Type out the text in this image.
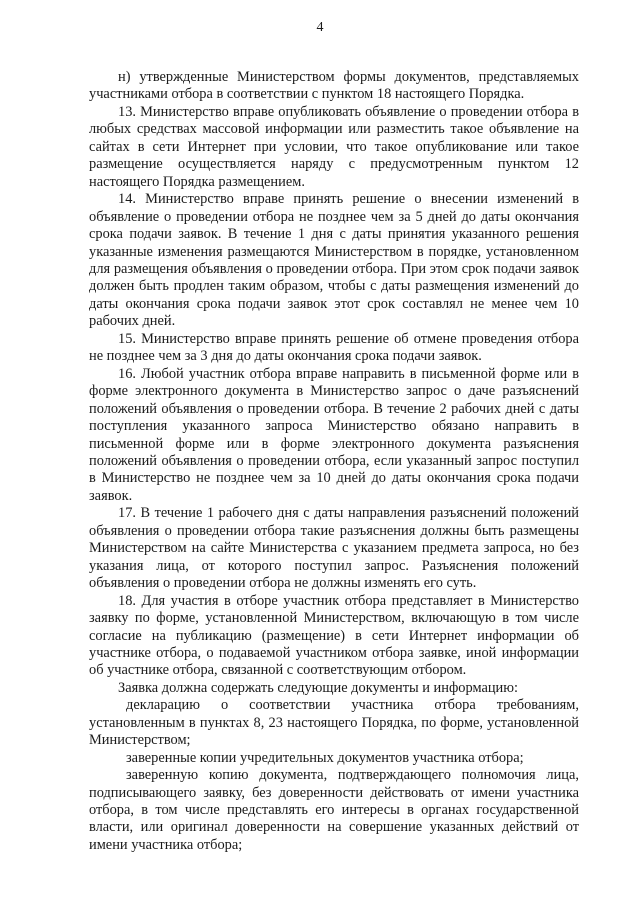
4

н) утвержденные Министерством формы документов, представляемых участниками отбора в соответствии с пунктом 18 настоящего Порядка.

13. Министерство вправе опубликовать объявление о проведении отбора в любых средствах массовой информации или разместить такое объявление на сайтах в сети Интернет при условии, что такое опубликование или такое размещение осуществляется наряду с предусмотренным пунктом 12 настоящего Порядка размещением.

14. Министерство вправе принять решение о внесении изменений в объявление о проведении отбора не позднее чем за 5 дней до даты окончания срока подачи заявок. В течение 1 дня с даты принятия указанного решения указанные изменения размещаются Министерством в порядке, установленном для размещения объявления о проведении отбора. При этом срок подачи заявок должен быть продлен таким образом, чтобы с даты размещения изменений до даты окончания срока подачи заявок этот срок составлял не менее чем 10 рабочих дней.

15. Министерство вправе принять решение об отмене проведения отбора не позднее чем за 3 дня до даты окончания срока подачи заявок.

16. Любой участник отбора вправе направить в письменной форме или в форме электронного документа в Министерство запрос о даче разъяснений положений объявления о проведении отбора. В течение 2 рабочих дней с даты поступления указанного запроса Министерство обязано направить в письменной форме или в форме электронного документа разъяснения положений объявления о проведении отбора, если указанный запрос поступил в Министерство не позднее чем за 10 дней до даты окончания срока подачи заявок.

17. В течение 1 рабочего дня с даты направления разъяснений положений объявления о проведении отбора такие разъяснения должны быть размещены Министерством на сайте Министерства с указанием предмета запроса, но без указания лица, от которого поступил запрос. Разъяснения положений объявления о проведении отбора не должны изменять его суть.

18. Для участия в отборе участник отбора представляет в Министерство заявку по форме, установленной Министерством, включающую в том числе согласие на публикацию (размещение) в сети Интернет информации об участнике отбора, о подаваемой участником отбора заявке, иной информации об участнике отбора, связанной с соответствующим отбором.

Заявка должна содержать следующие документы и информацию:

декларацию о соответствии участника отбора требованиям, установленным в пунктах 8, 23 настоящего Порядка, по форме, установленной Министерством;

заверенные копии учредительных документов участника отбора;

заверенную копию документа, подтверждающего полномочия лица, подписывающего заявку, без доверенности действовать от имени участника отбора, в том числе представлять его интересы в органах государственной власти, или оригинал доверенности на совершение указанных действий от имени участника отбора;
